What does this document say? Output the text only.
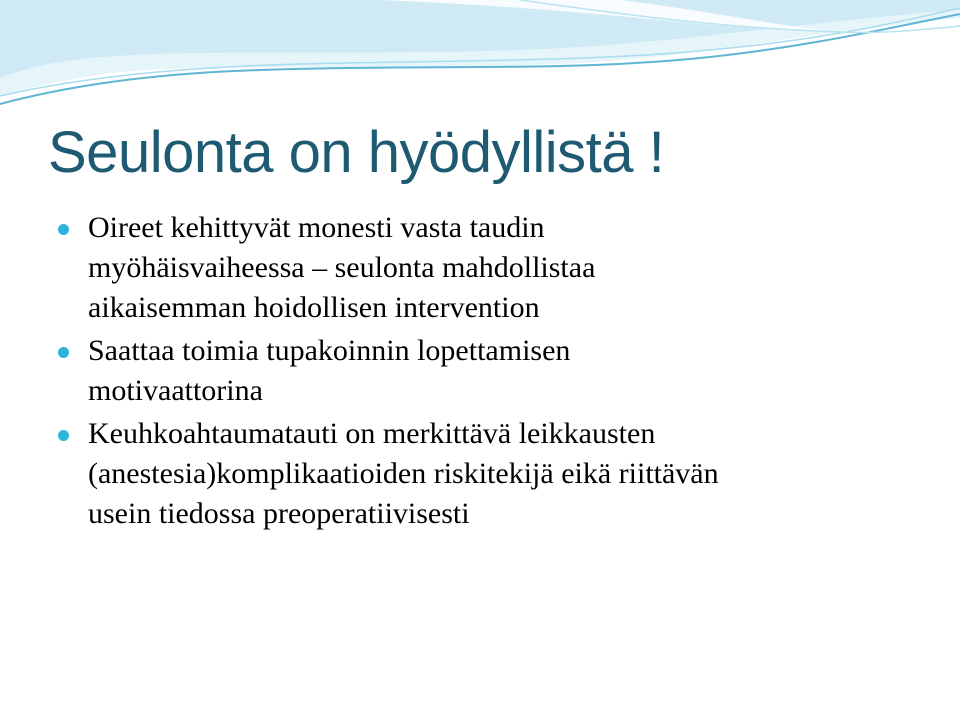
Seulonta on hyödyllistä !
Oireet kehittyvät monesti vasta taudin
myöhäisvaiheessa – seulonta mahdollistaa
aikaisemman hoidollisen intervention
Saattaa toimia tupakoinnin lopettamisen
motivaattorina
Keuhkoahtaumatauti on merkittävä leikkausten
(anestesia)komplikaatioiden riskitekijä eikä riittävän
usein tiedossa preoperatiivisesti
